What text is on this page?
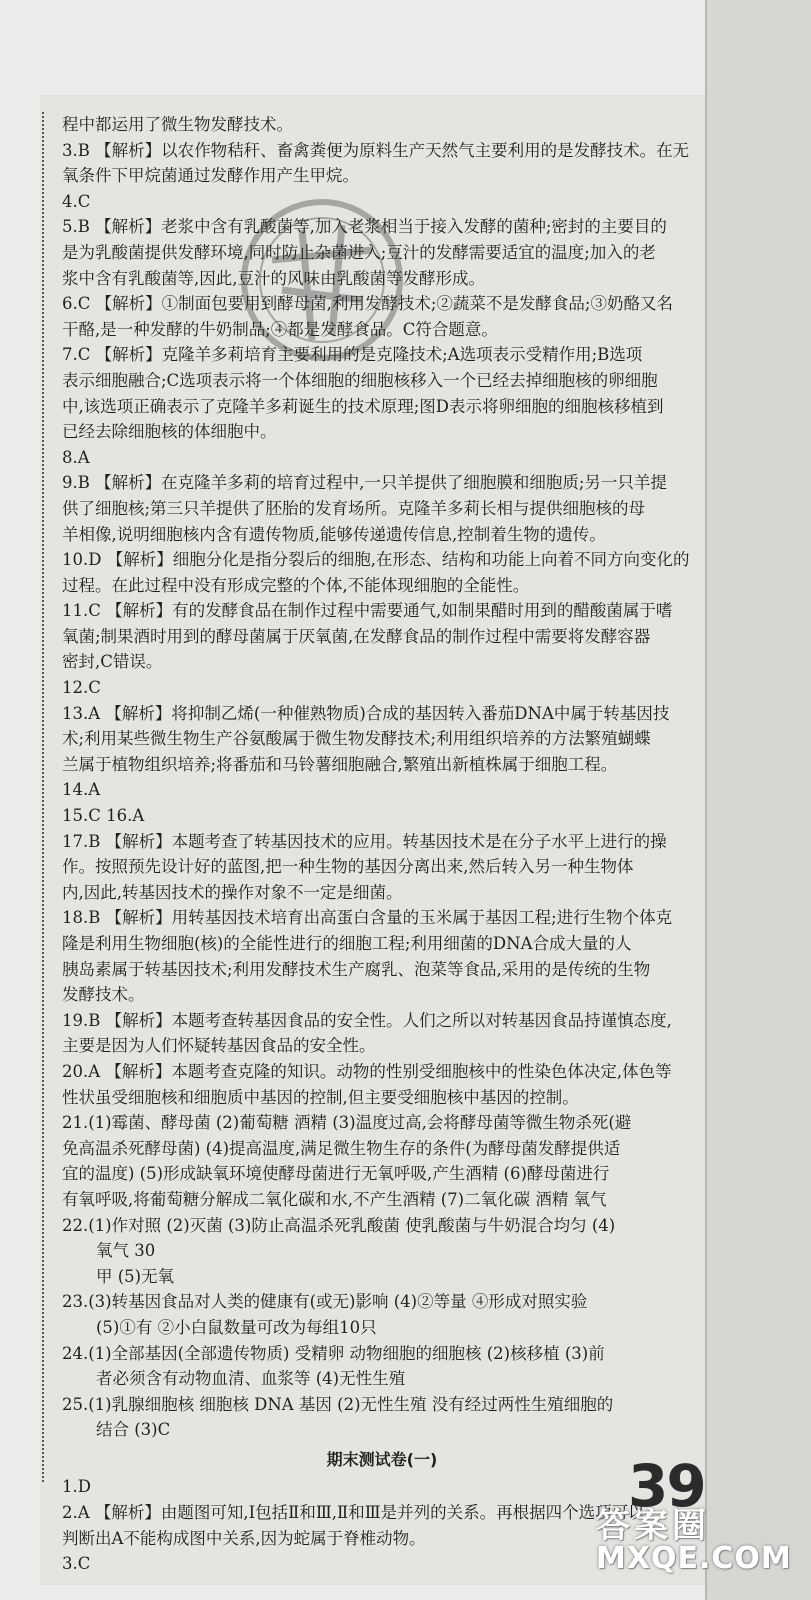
程中都运用了微生物发酵技术。
3.B 【解析】以农作物秸秆、畜禽粪便为原料生产天然气主要利用的是发酵技术。在无
氧条件下甲烷菌通过发酵作用产生甲烷。
4.C
5.B 【解析】老浆中含有乳酸菌等,加入老浆相当于接入发酵的菌种;密封的主要目的
是为乳酸菌提供发酵环境,同时防止杂菌进入;豆汁的发酵需要适宜的温度;加入的老
浆中含有乳酸菌等,因此,豆汁的风味由乳酸菌等发酵形成。
6.C 【解析】①制面包要用到酵母菌,利用发酵技术;②蔬菜不是发酵食品;③奶酪又名
干酪,是一种发酵的牛奶制品;④都是发酵食品。C符合题意。
7.C 【解析】克隆羊多莉培育主要利用的是克隆技术;A选项表示受精作用;B选项
表示细胞融合;C选项表示将一个体细胞的细胞核移入一个已经去掉细胞核的卵细胞
中,该选项正确表示了克隆羊多莉诞生的技术原理;图D表示将卵细胞的细胞核移植到
已经去除细胞核的体细胞中。
8.A
9.B 【解析】在克隆羊多莉的培育过程中,一只羊提供了细胞膜和细胞质;另一只羊提
供了细胞核;第三只羊提供了胚胎的发育场所。克隆羊多莉长相与提供细胞核的母
羊相像,说明细胞核内含有遗传物质,能够传递遗传信息,控制着生物的遗传。
10.D 【解析】细胞分化是指分裂后的细胞,在形态、结构和功能上向着不同方向变化的
过程。在此过程中没有形成完整的个体,不能体现细胞的全能性。
11.C 【解析】有的发酵食品在制作过程中需要通气,如制果醋时用到的醋酸菌属于嗜
氧菌;制果酒时用到的酵母菌属于厌氧菌,在发酵食品的制作过程中需要将发酵容器
密封,C错误。
12.C
13.A 【解析】将抑制乙烯(一种催熟物质)合成的基因转入番茄DNA中属于转基因技
术;利用某些微生物生产谷氨酸属于微生物发酵技术;利用组织培养的方法繁殖蝴蝶
兰属于植物组织培养;将番茄和马铃薯细胞融合,繁殖出新植株属于细胞工程。
14.A
15.C 16.A
17.B 【解析】本题考查了转基因技术的应用。转基因技术是在分子水平上进行的操
作。按照预先设计好的蓝图,把一种生物的基因分离出来,然后转入另一种生物体
内,因此,转基因技术的操作对象不一定是细菌。
18.B 【解析】用转基因技术培育出高蛋白含量的玉米属于基因工程;进行生物个体克
隆是利用生物细胞(核)的全能性进行的细胞工程;利用细菌的DNA合成大量的人
胰岛素属于转基因技术;利用发酵技术生产腐乳、泡菜等食品,采用的是传统的生物
发酵技术。
19.B 【解析】本题考查转基因食品的安全性。人们之所以对转基因食品持谨慎态度,
主要是因为人们怀疑转基因食品的安全性。
20.A 【解析】本题考查克隆的知识。动物的性别受细胞核中的性染色体决定,体色等
性状虽受细胞核和细胞质中基因的控制,但主要受细胞核中基因的控制。
21.(1)霉菌、酵母菌 (2)葡萄糖 酒精 (3)温度过高,会将酵母菌等微生物杀死(避
免高温杀死酵母菌) (4)提高温度,满足微生物生存的条件(为酵母菌发酵提供适
宜的温度) (5)形成缺氧环境使酵母菌进行无氧呼吸,产生酒精 (6)酵母菌进行
有氧呼吸,将葡萄糖分解成二氧化碳和水,不产生酒精 (7)二氧化碳 酒精 氧气
22.(1)作对照 (2)灭菌 (3)防止高温杀死乳酸菌 使乳酸菌与牛奶混合均匀 (4)
氧气 30
甲 (5)无氧
23.(3)转基因食品对人类的健康有(或无)影响 (4)②等量 ④形成对照实验
(5)①有 ②小白鼠数量可改为每组10只
24.(1)全部基因(全部遗传物质) 受精卵 动物细胞的细胞核 (2)核移植 (3)前
者必须含有动物血清、血浆等 (4)无性生殖
25.(1)乳腺细胞核 细胞核 DNA 基因 (2)无性生殖 没有经过两性生殖细胞的
结合 (3)C
期末测试卷(一)
1.D
2.A 【解析】由题图可知,Ⅰ包括Ⅱ和Ⅲ,Ⅱ和Ⅲ是并列的关系。再根据四个选项可以
判断出A不能构成图中关系,因为蛇属于脊椎动物。
3.C
39
答案圈
MXQE.COM
